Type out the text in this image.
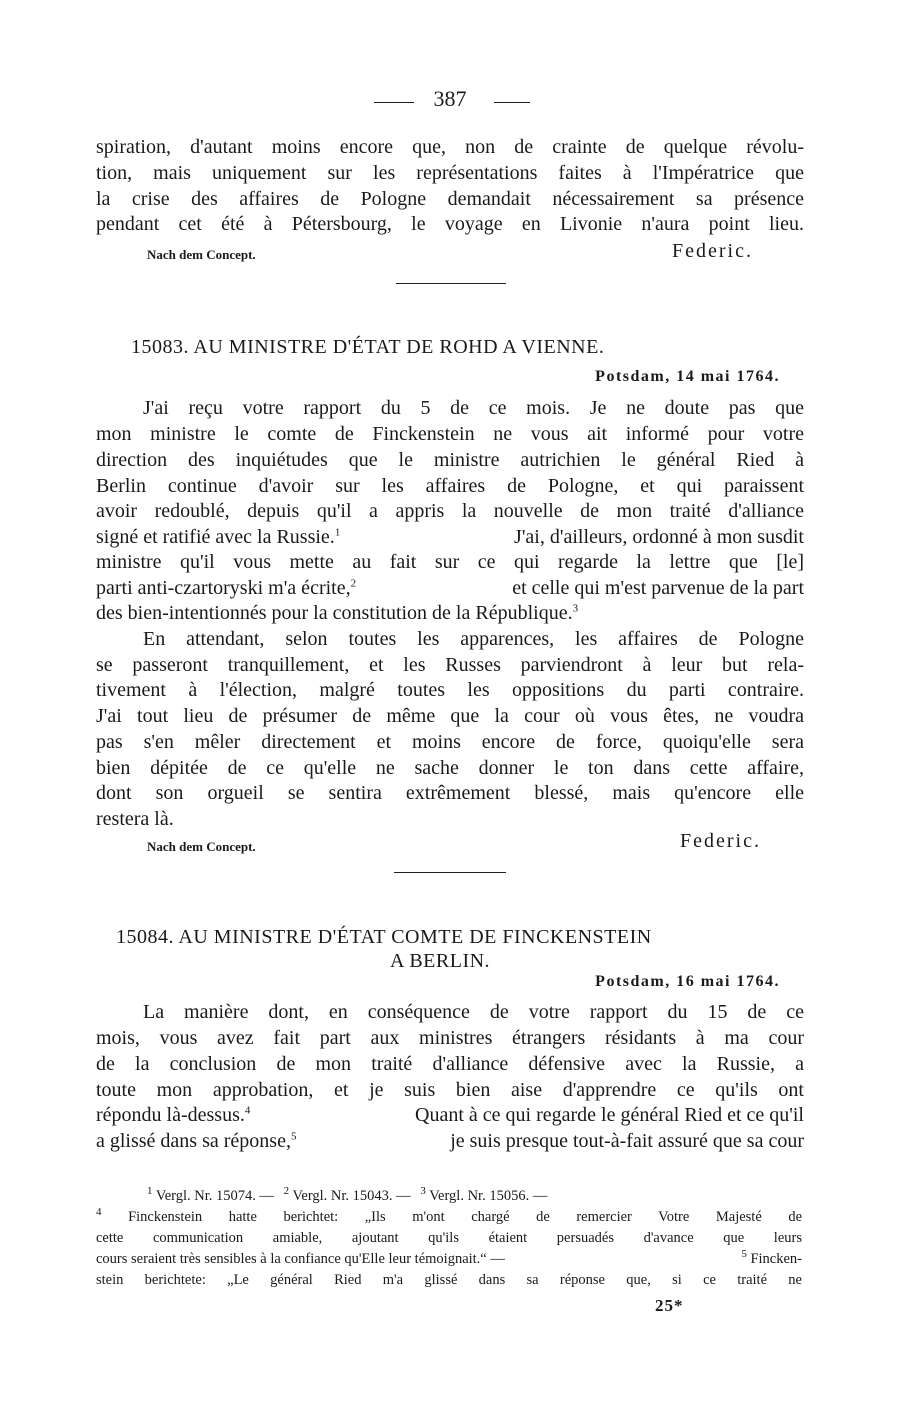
387
spiration, d'autant moins encore que, non de crainte de quelque révolu-
tion, mais uniquement sur les représentations faites à l'Impératrice que
la crise des affaires de Pologne demandait nécessairement sa présence
pendant cet été à Pétersbourg, le voyage en Livonie n'aura point lieu.
Nach dem Concept.	Federic.
15083. AU MINISTRE D'ÉTAT DE ROHD A VIENNE.
Potsdam, 14 mai 1764.
J'ai reçu votre rapport du 5 de ce mois. Je ne doute pas que
mon ministre le comte de Finckenstein ne vous ait informé pour votre
direction des inquiétudes que le ministre autrichien le général Ried à
Berlin continue d'avoir sur les affaires de Pologne, et qui paraissent
avoir redoublé, depuis qu'il a appris la nouvelle de mon traité d'alliance
signé et ratifié avec la Russie.$^1$	J'ai, d'ailleurs, ordonné à mon susdit
ministre qu'il vous mette au fait sur ce qui regarde la lettre que [le]
parti anti-czartoryski m'a écrite,$^2$	et celle qui m'est parvenue de la part
des bien-intentionnés pour la constitution de la République.$^3$
En attendant, selon toutes les apparences, les affaires de Pologne
se passeront tranquillement, et les Russes parviendront à leur but rela-
tivement à l'élection, malgré toutes les oppositions du parti contraire.
J'ai tout lieu de présumer de même que la cour où vous êtes, ne voudra
pas s'en mêler directement et moins encore de force, quoiqu'elle sera
bien dépitée de ce qu'elle ne sache donner le ton dans cette affaire,
dont son orgueil se sentira extrêmement blessé, mais qu'encore elle
restera là.
Nach dem Concept.	Federic.
15084. AU MINISTRE D'ÉTAT COMTE DE FINCKENSTEIN
A BERLIN.
Potsdam, 16 mai 1764.
La manière dont, en conséquence de votre rapport du 15 de ce
mois, vous avez fait part aux ministres étrangers résidants à ma cour
de la conclusion de mon traité d'alliance défensive avec la Russie, a
toute mon approbation, et je suis bien aise d'apprendre ce qu'ils ont
répondu là-dessus.$^4$	Quant à ce qui regarde le général Ried et ce qu'il
a glissé dans sa réponse,$^5$	je suis presque tout-à-fait assuré que sa cour
$^1$ Vergl. Nr. 15074. — $^2$ Vergl. Nr. 15043. — $^3$ Vergl. Nr. 15056. —
$^4$ Finckenstein hatte berichtet: „Ils m'ont chargé de remercier Votre Majesté de
cette communication amiable, ajoutant qu'ils étaient persuadés d'avance que leurs
cours seraient très sensibles à la confiance qu'Elle leur témoignait.“ —	$^5$ Fincken-
stein berichtete: „Le général Ried m'a glissé dans sa réponse que, si ce traité ne
25*
